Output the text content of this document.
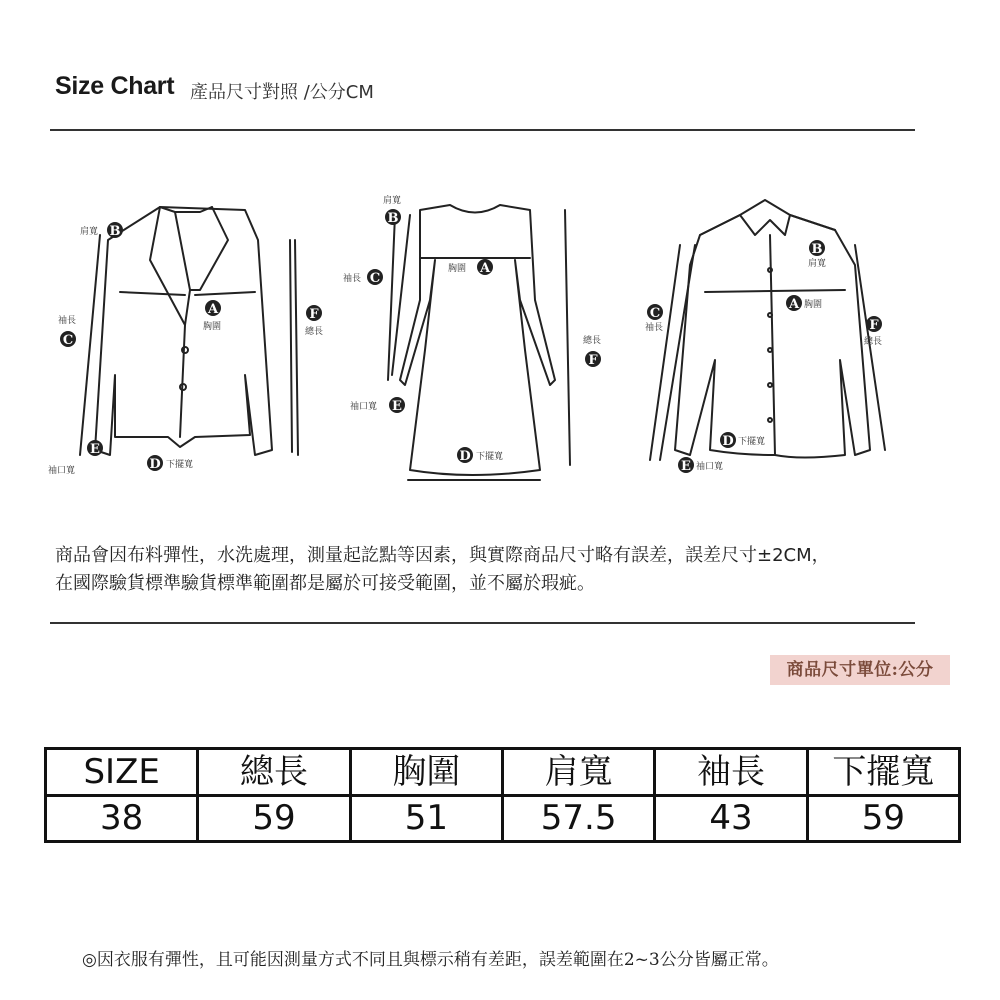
Size Chart 產品尺寸對照 /公分CM
B
C
A	F
E
D
B
A
C
F
E
D
B
C
A
F
D
E
肩寬
袖長
胸圍	總長
袖口寬
下擺寬
肩寬
胸圍
袖長
總長
袖口寬
下擺寬
肩寬
袖長
胸圍
總長
下擺寬
袖口寬
商品會因布料彈性，水洗處理，測量起訖點等因素，與實際商品尺寸略有誤差，誤差尺寸±2CM，
在國際驗貨標準驗貨標準範圍都是屬於可接受範圍，並不屬於瑕疵。
商品尺寸單位:公分
SIZE	總長	胸圍	肩寬	袖長	下擺寬
38	59	51	57.5	43	59
◎因衣服有彈性，且可能因測量方式不同且與標示稍有差距，誤差範圍在2~3公分皆屬正常。
